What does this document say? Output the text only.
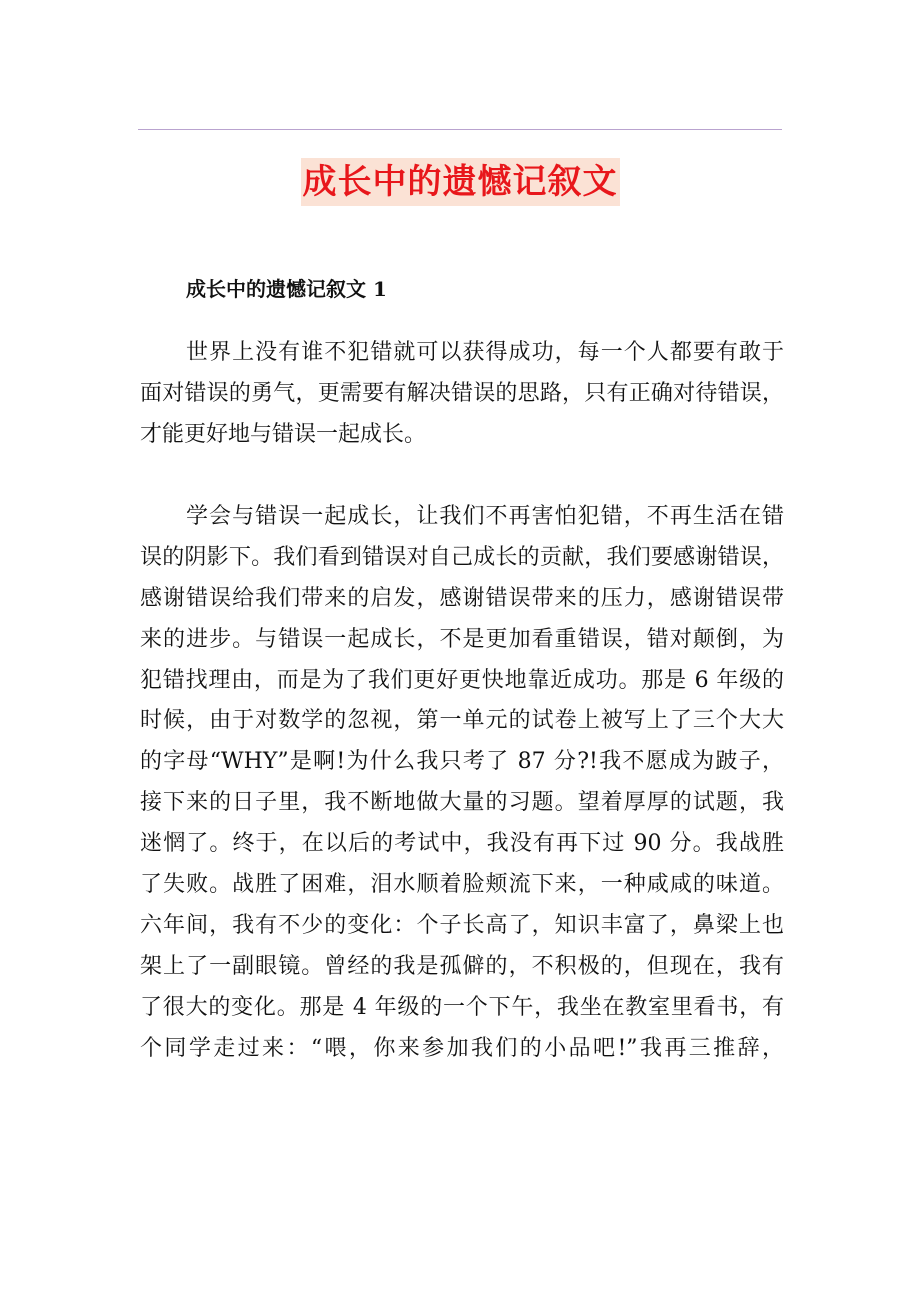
成长中的遗憾记叙文
成长中的遗憾记叙文 1
世界上没有谁不犯错就可以获得成功，每一个人都要有敢于
面对错误的勇气，更需要有解决错误的思路，只有正确对待错误，
才能更好地与错误一起成长。
学会与错误一起成长，让我们不再害怕犯错，不再生活在错
误的阴影下。我们看到错误对自己成长的贡献，我们要感谢错误，
感谢错误给我们带来的启发，感谢错误带来的压力，感谢错误带
来的进步。与错误一起成长，不是更加看重错误，错对颠倒，为
犯错找理由，而是为了我们更好更快地靠近成功。那是 6 年级的
时候，由于对数学的忽视，第一单元的试卷上被写上了三个大大
的字母“WHY”是啊!为什么我只考了 87 分?!我不愿成为跛子，
接下来的日子里，我不断地做大量的习题。望着厚厚的试题，我
迷惘了。终于，在以后的考试中，我没有再下过 90 分。我战胜
了失败。战胜了困难，泪水顺着脸颊流下来，一种咸咸的味道。
六年间，我有不少的变化：个子长高了，知识丰富了，鼻梁上也
架上了一副眼镜。曾经的我是孤僻的，不积极的，但现在，我有
了很大的变化。那是 4 年级的一个下午，我坐在教室里看书，有
个同学走过来：“喂，你来参加我们的小品吧!”我再三推辞，
